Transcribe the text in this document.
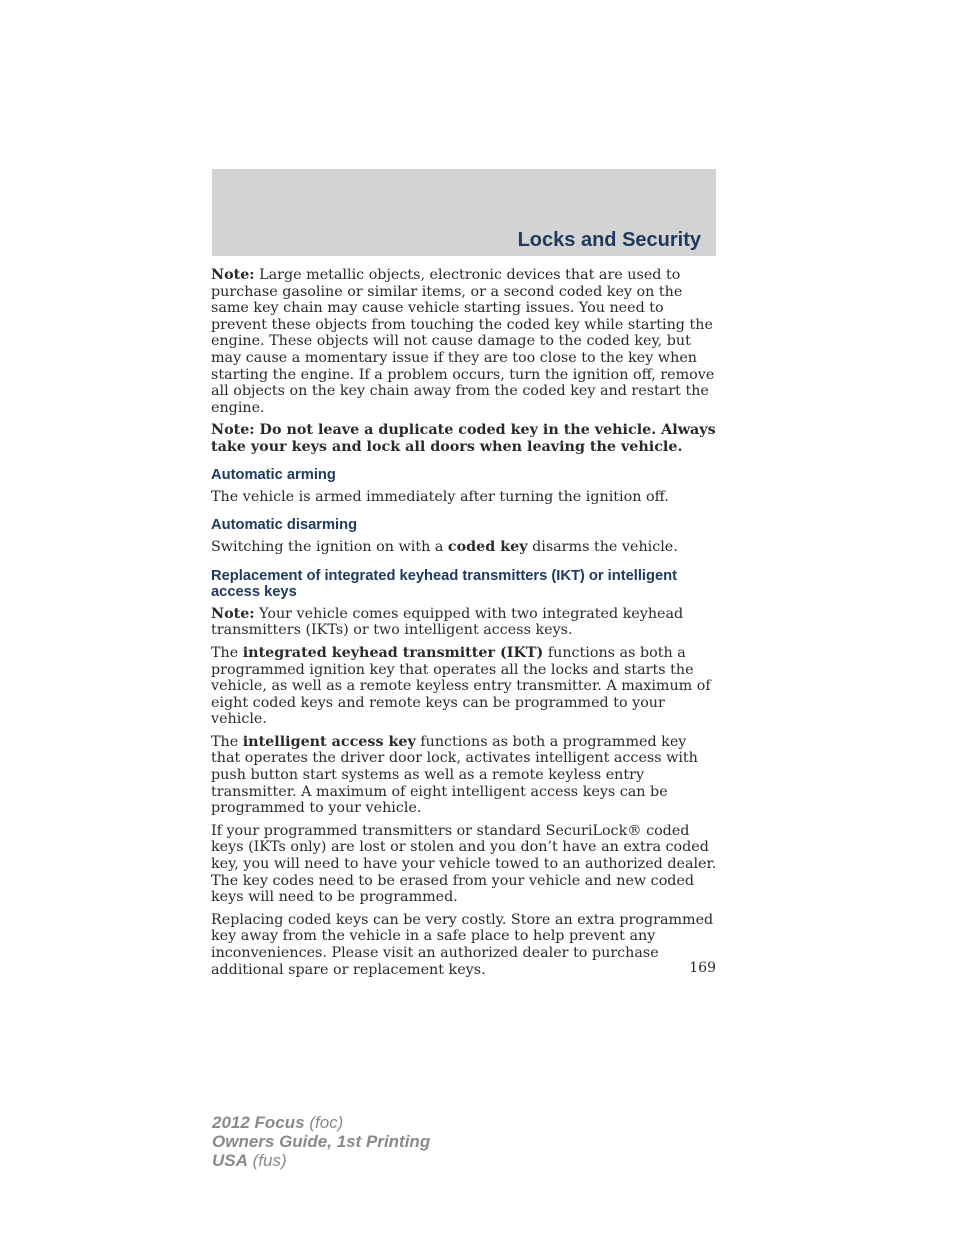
Locks and Security

Note: Large metallic objects, electronic devices that are used to purchase gasoline or similar items, or a second coded key on the same key chain may cause vehicle starting issues. You need to prevent these objects from touching the coded key while starting the engine. These objects will not cause damage to the coded key, but may cause a momentary issue if they are too close to the key when starting the engine. If a problem occurs, turn the ignition off, remove all objects on the key chain away from the coded key and restart the engine.

Note: Do not leave a duplicate coded key in the vehicle. Always take your keys and lock all doors when leaving the vehicle.

Automatic arming

The vehicle is armed immediately after turning the ignition off.

Automatic disarming

Switching the ignition on with a coded key disarms the vehicle.

Replacement of integrated keyhead transmitters (IKT) or intelligent access keys

Note: Your vehicle comes equipped with two integrated keyhead transmitters (IKTs) or two intelligent access keys.

The integrated keyhead transmitter (IKT) functions as both a programmed ignition key that operates all the locks and starts the vehicle, as well as a remote keyless entry transmitter. A maximum of eight coded keys and remote keys can be programmed to your vehicle.

The intelligent access key functions as both a programmed key that operates the driver door lock, activates intelligent access with push button start systems as well as a remote keyless entry transmitter. A maximum of eight intelligent access keys can be programmed to your vehicle.

If your programmed transmitters or standard SecuriLock® coded keys (IKTs only) are lost or stolen and you don’t have an extra coded key, you will need to have your vehicle towed to an authorized dealer. The key codes need to be erased from your vehicle and new coded keys will need to be programmed.

Replacing coded keys can be very costly. Store an extra programmed key away from the vehicle in a safe place to help prevent any inconveniences. Please visit an authorized dealer to purchase additional spare or replacement keys.	169
2012 Focus (foc)
Owners Guide, 1st Printing
USA (fus)
